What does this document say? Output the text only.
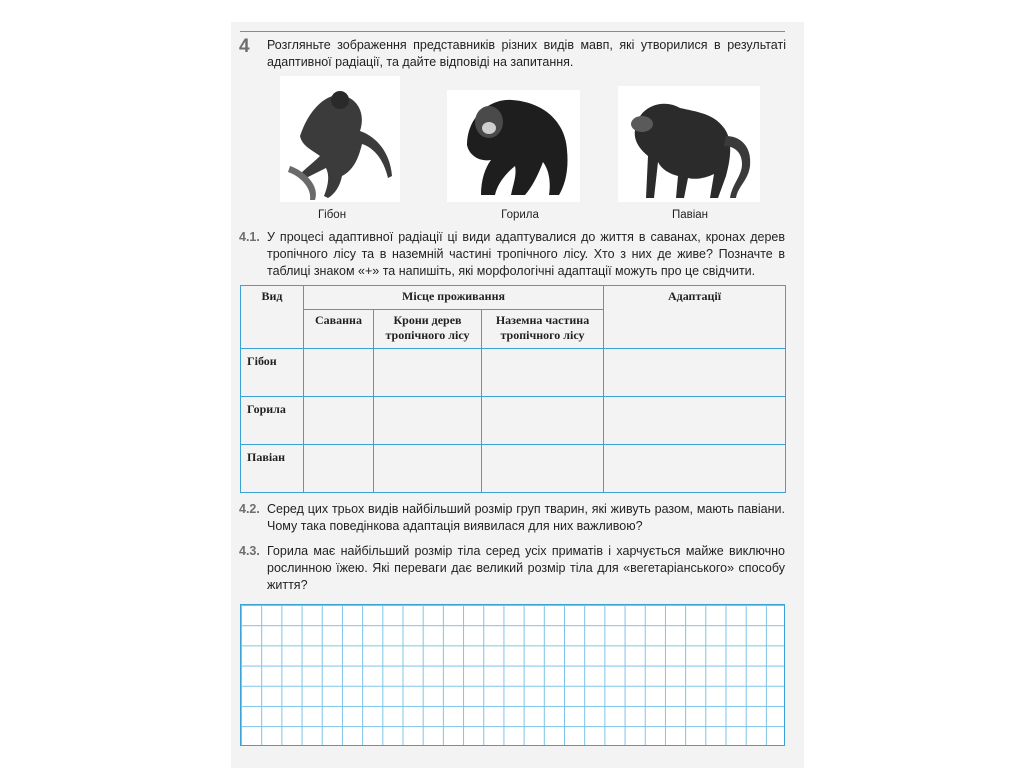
4 Розгляньте зображення представників різних видів мавп, які утворилися в результаті адаптивної радіації, та дайте відповіді на запитання.
Гібон	Горила	Павіан
4.1. У процесі адаптивної радіації ці види адаптувалися до життя в саванах, кронах дерев тропічного лісу та в наземній частині тропічного лісу. Хто з них де живе? Позначте в таблиці знаком «+» та напишіть, які морфологічні адаптації можуть про це свідчити.
Вид	Місце проживання			Адаптації
	Саванна	Крони дерев тропічного лісу	Наземна частина тропічного лісу	
Гібон				
Горила				
Павіан				
4.2. Серед цих трьох видів найбільший розмір груп тварин, які живуть разом, мають павіани. Чому така поведінкова адаптація виявилася для них важливою?
4.3. Горила має найбільший розмір тіла серед усіх приматів і харчується майже виключно рослинною їжею. Які переваги дає великий розмір тіла для «вегетаріанського» способу життя?
